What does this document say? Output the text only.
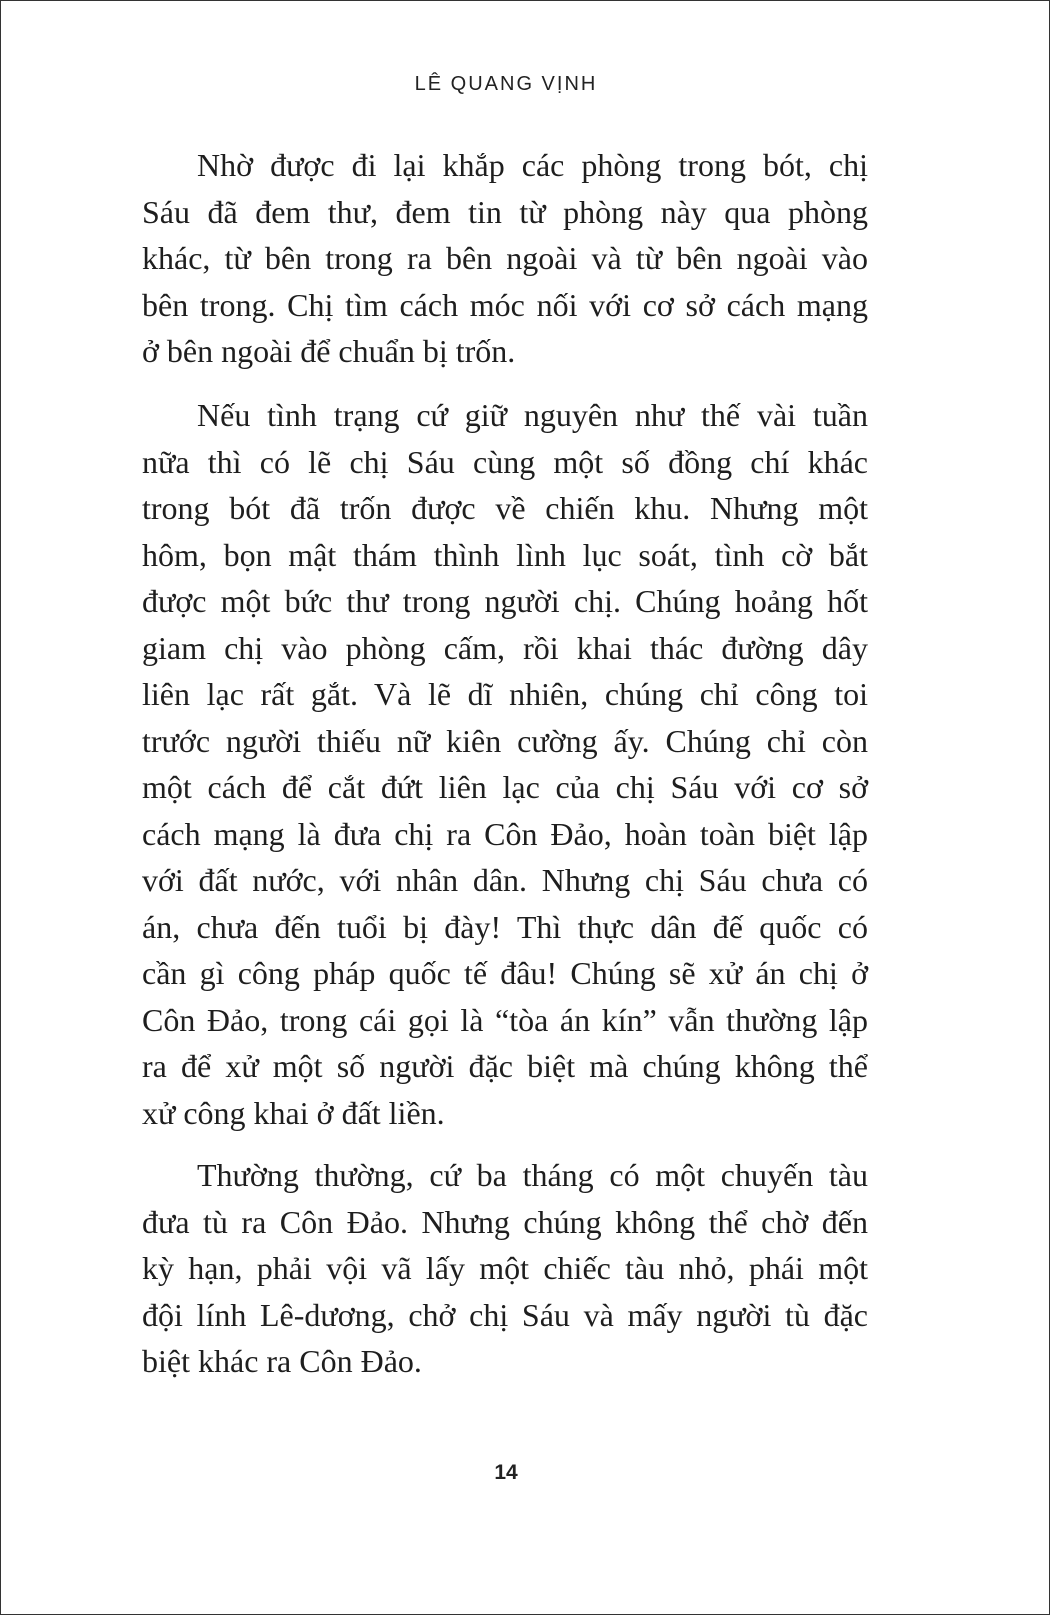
LÊ QUANG VỊNH
Nhờ được đi lại khắp các phòng trong bót, chị
Sáu đã đem thư, đem tin từ phòng này qua phòng
khác, từ bên trong ra bên ngoài và từ bên ngoài vào
bên trong. Chị tìm cách móc nối với cơ sở cách mạng
ở bên ngoài để chuẩn bị trốn.
Nếu tình trạng cứ giữ nguyên như thế vài tuần
nữa thì có lẽ chị Sáu cùng một số đồng chí khác
trong bót đã trốn được về chiến khu. Nhưng một
hôm, bọn mật thám thình lình lục soát, tình cờ bắt
được một bức thư trong người chị. Chúng hoảng hốt
giam chị vào phòng cấm, rồi khai thác đường dây
liên lạc rất gắt. Và lẽ dĩ nhiên, chúng chỉ công toi
trước người thiếu nữ kiên cường ấy. Chúng chỉ còn
một cách để cắt đứt liên lạc của chị Sáu với cơ sở
cách mạng là đưa chị ra Côn Đảo, hoàn toàn biệt lập
với đất nước, với nhân dân. Nhưng chị Sáu chưa có
án, chưa đến tuổi bị đày! Thì thực dân đế quốc có
cần gì công pháp quốc tế đâu! Chúng sẽ xử án chị ở
Côn Đảo, trong cái gọi là “tòa án kín” vẫn thường lập
ra để xử một số người đặc biệt mà chúng không thể
xử công khai ở đất liền.
Thường thường, cứ ba tháng có một chuyến tàu
đưa tù ra Côn Đảo. Nhưng chúng không thể chờ đến
kỳ hạn, phải vội vã lấy một chiếc tàu nhỏ, phái một
đội lính Lê-dương, chở chị Sáu và mấy người tù đặc
biệt khác ra Côn Đảo.
14
